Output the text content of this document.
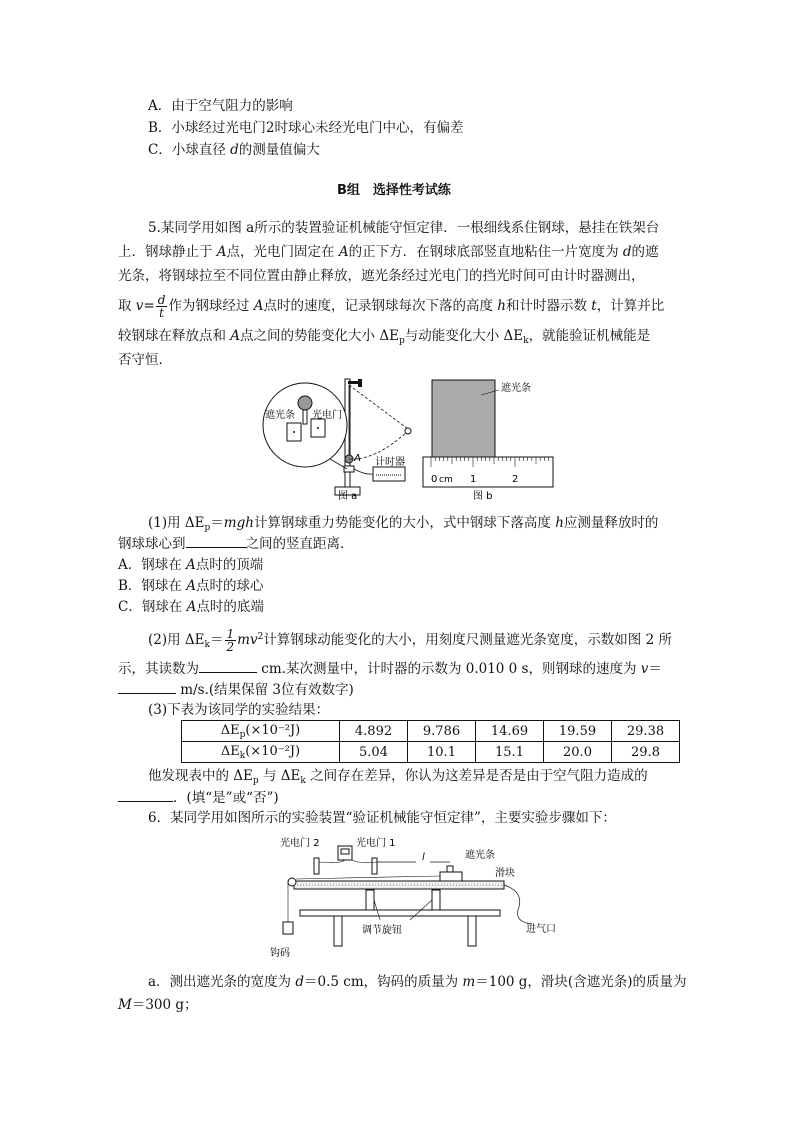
A．由于空气阻力的影响
B．小球经过光电门2时球心未经光电门中心，有偏差
C．小球直径 d的测量值偏大
B组　选择性考试练
5.某同学用如图 a所示的装置验证机械能守恒定律．一根细线系住钢球，悬挂在铁架台
上．钢球静止于 A点，光电门固定在 A的正下方．在钢球底部竖直地粘住一片宽度为 d的遮
光条，将钢球拉至不同位置由静止释放，遮光条经过光电门的挡光时间可由计时器测出，
取 $v= \frac{d}{t}$ 作为钢球经过 A点时的速度，记录钢球每次下落的高度 h和计时器示数 t，计算并比
较钢球在释放点和 A点之间的势能变化大小 $\Delta E_p$与动能变化大小 $\Delta E_k$，就能验证机械能是
否守恒．
A 计时器
遮光条 光电门
图 a
遮光条
0 cm 1	2
图 b
(1)用 $\Delta E_p=mgh$计算钢球重力势能变化的大小，式中钢球下落高度 h应测量释放时的
钢球球心到	之间的竖直距离．
A．钢球在 A点时的顶端
B．钢球在 A点时的球心
C．钢球在 A点时的底端
(2)用 $\Delta E_k= \frac{1}{2} mv^2$计算钢球动能变化的大小，用刻度尺测量遮光条宽度，示数如图 2 所
示，其读数为	cm.某次测量中，计时器的示数为 0.010 0 s，则钢球的速度为 v＝
m/s.(结果保留 3位有效数字)
(3)下表为该同学的实验结果：
$\Delta E_p(\times 10^{-2}J)$	4.892	9.786	14.69	19.59	29.38
$\Delta E_k(\times 10^{-2}J)$	5.04	10.1	15.1	20.0	29.8
他发现表中的 $\Delta E_p$ 与 $\Delta E_k$ 之间存在差异，你认为这差异是否是由于空气阻力造成的
．(填“是”或“否”)
6．某同学用如图所示的实验装置“验证机械能守恒定律”，主要实验步骤如下：
光电门 2	光电门 1
l	遮光条
滑块
钩码
进气口
调节旋钮
a．测出遮光条的宽度为 d＝0.5 cm，钩码的质量为 m＝100 g，滑块(含遮光条)的质量为
M＝300 g；
